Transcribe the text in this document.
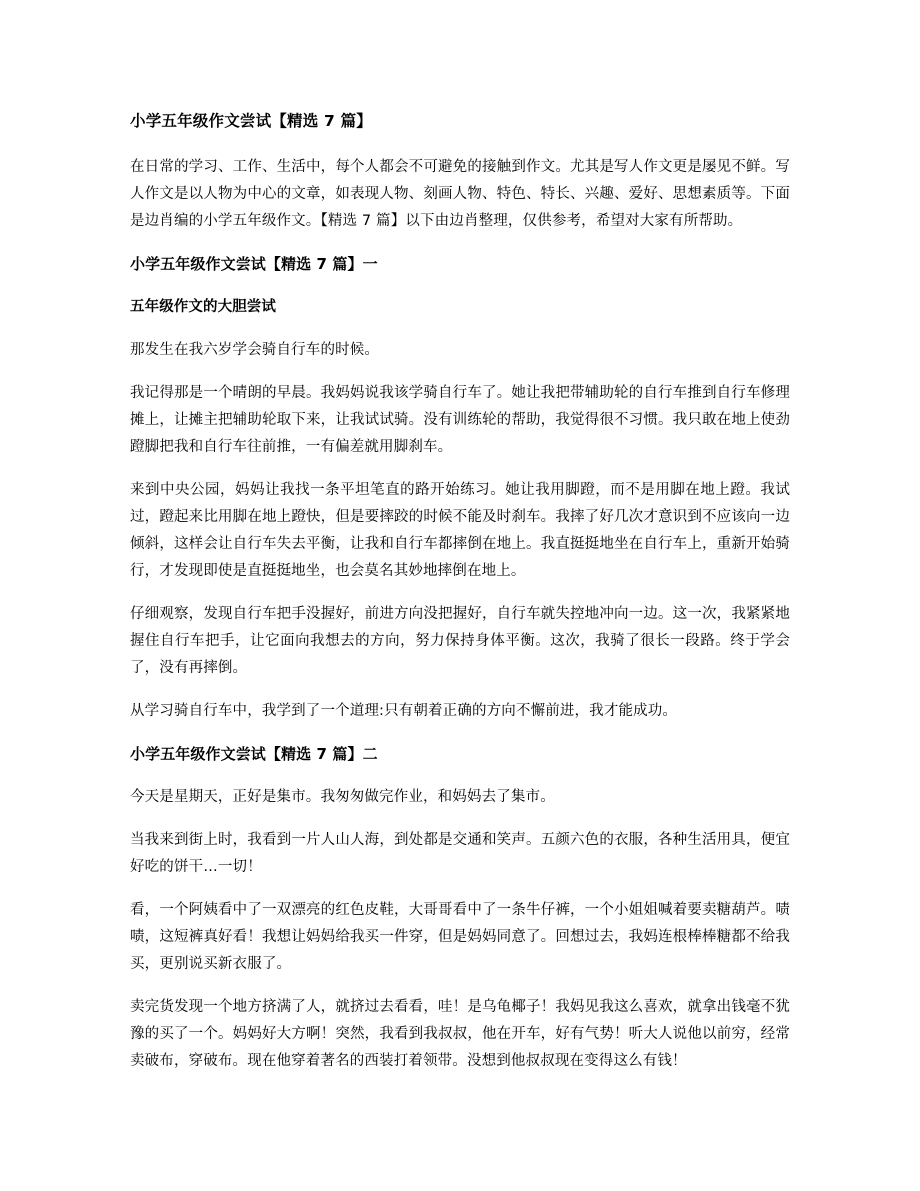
小学五年级作文尝试【精选 7 篇】

在日常的学习、工作、生活中，每个人都会不可避免的接触到作文。尤其是写人作文更是屡见不鲜。写人作文是以人物为中心的文章，如表现人物、刻画人物、特色、特长、兴趣、爱好、思想素质等。下面是边肖编的小学五年级作文。【精选 7 篇】以下由边肖整理，仅供参考，希望对大家有所帮助。

小学五年级作文尝试【精选 7 篇】一
五年级作文的大胆尝试

那发生在我六岁学会骑自行车的时候。

我记得那是一个晴朗的早晨。我妈妈说我该学骑自行车了。她让我把带辅助轮的自行车推到自行车修理摊上，让摊主把辅助轮取下来，让我试试骑。没有训练轮的帮助，我觉得很不习惯。我只敢在地上使劲蹬脚把我和自行车往前推，一有偏差就用脚刹车。

来到中央公园，妈妈让我找一条平坦笔直的路开始练习。她让我用脚蹬，而不是用脚在地上蹬。我试过，蹬起来比用脚在地上蹬快，但是要摔跤的时候不能及时刹车。我摔了好几次才意识到不应该向一边倾斜，这样会让自行车失去平衡，让我和自行车都摔倒在地上。我直挺挺地坐在自行车上，重新开始骑行，才发现即使是直挺挺地坐，也会莫名其妙地摔倒在地上。

仔细观察，发现自行车把手没握好，前进方向没把握好，自行车就失控地冲向一边。这一次，我紧紧地握住自行车把手，让它面向我想去的方向，努力保持身体平衡。这次，我骑了很长一段路。终于学会了，没有再摔倒。

从学习骑自行车中，我学到了一个道理:只有朝着正确的方向不懈前进，我才能成功。

小学五年级作文尝试【精选 7 篇】二

今天是星期天，正好是集市。我匆匆做完作业，和妈妈去了集市。

当我来到街上时，我看到一片人山人海，到处都是交通和笑声。五颜六色的衣服，各种生活用具，便宜好吃的饼干…一切！

看，一个阿姨看中了一双漂亮的红色皮鞋，大哥哥看中了一条牛仔裤，一个小姐姐喊着要卖糖葫芦。啧啧，这短裤真好看！我想让妈妈给我买一件穿，但是妈妈同意了。回想过去，我妈连根棒棒糖都不给我买，更别说买新衣服了。

卖完货发现一个地方挤满了人，就挤过去看看，哇！是乌龟椰子！我妈见我这么喜欢，就拿出钱毫不犹豫的买了一个。妈妈好大方啊！突然，我看到我叔叔，他在开车，好有气势！听大人说他以前穷，经常卖破布，穿破布。现在他穿着著名的西装打着领带。没想到他叔叔现在变得这么有钱！
